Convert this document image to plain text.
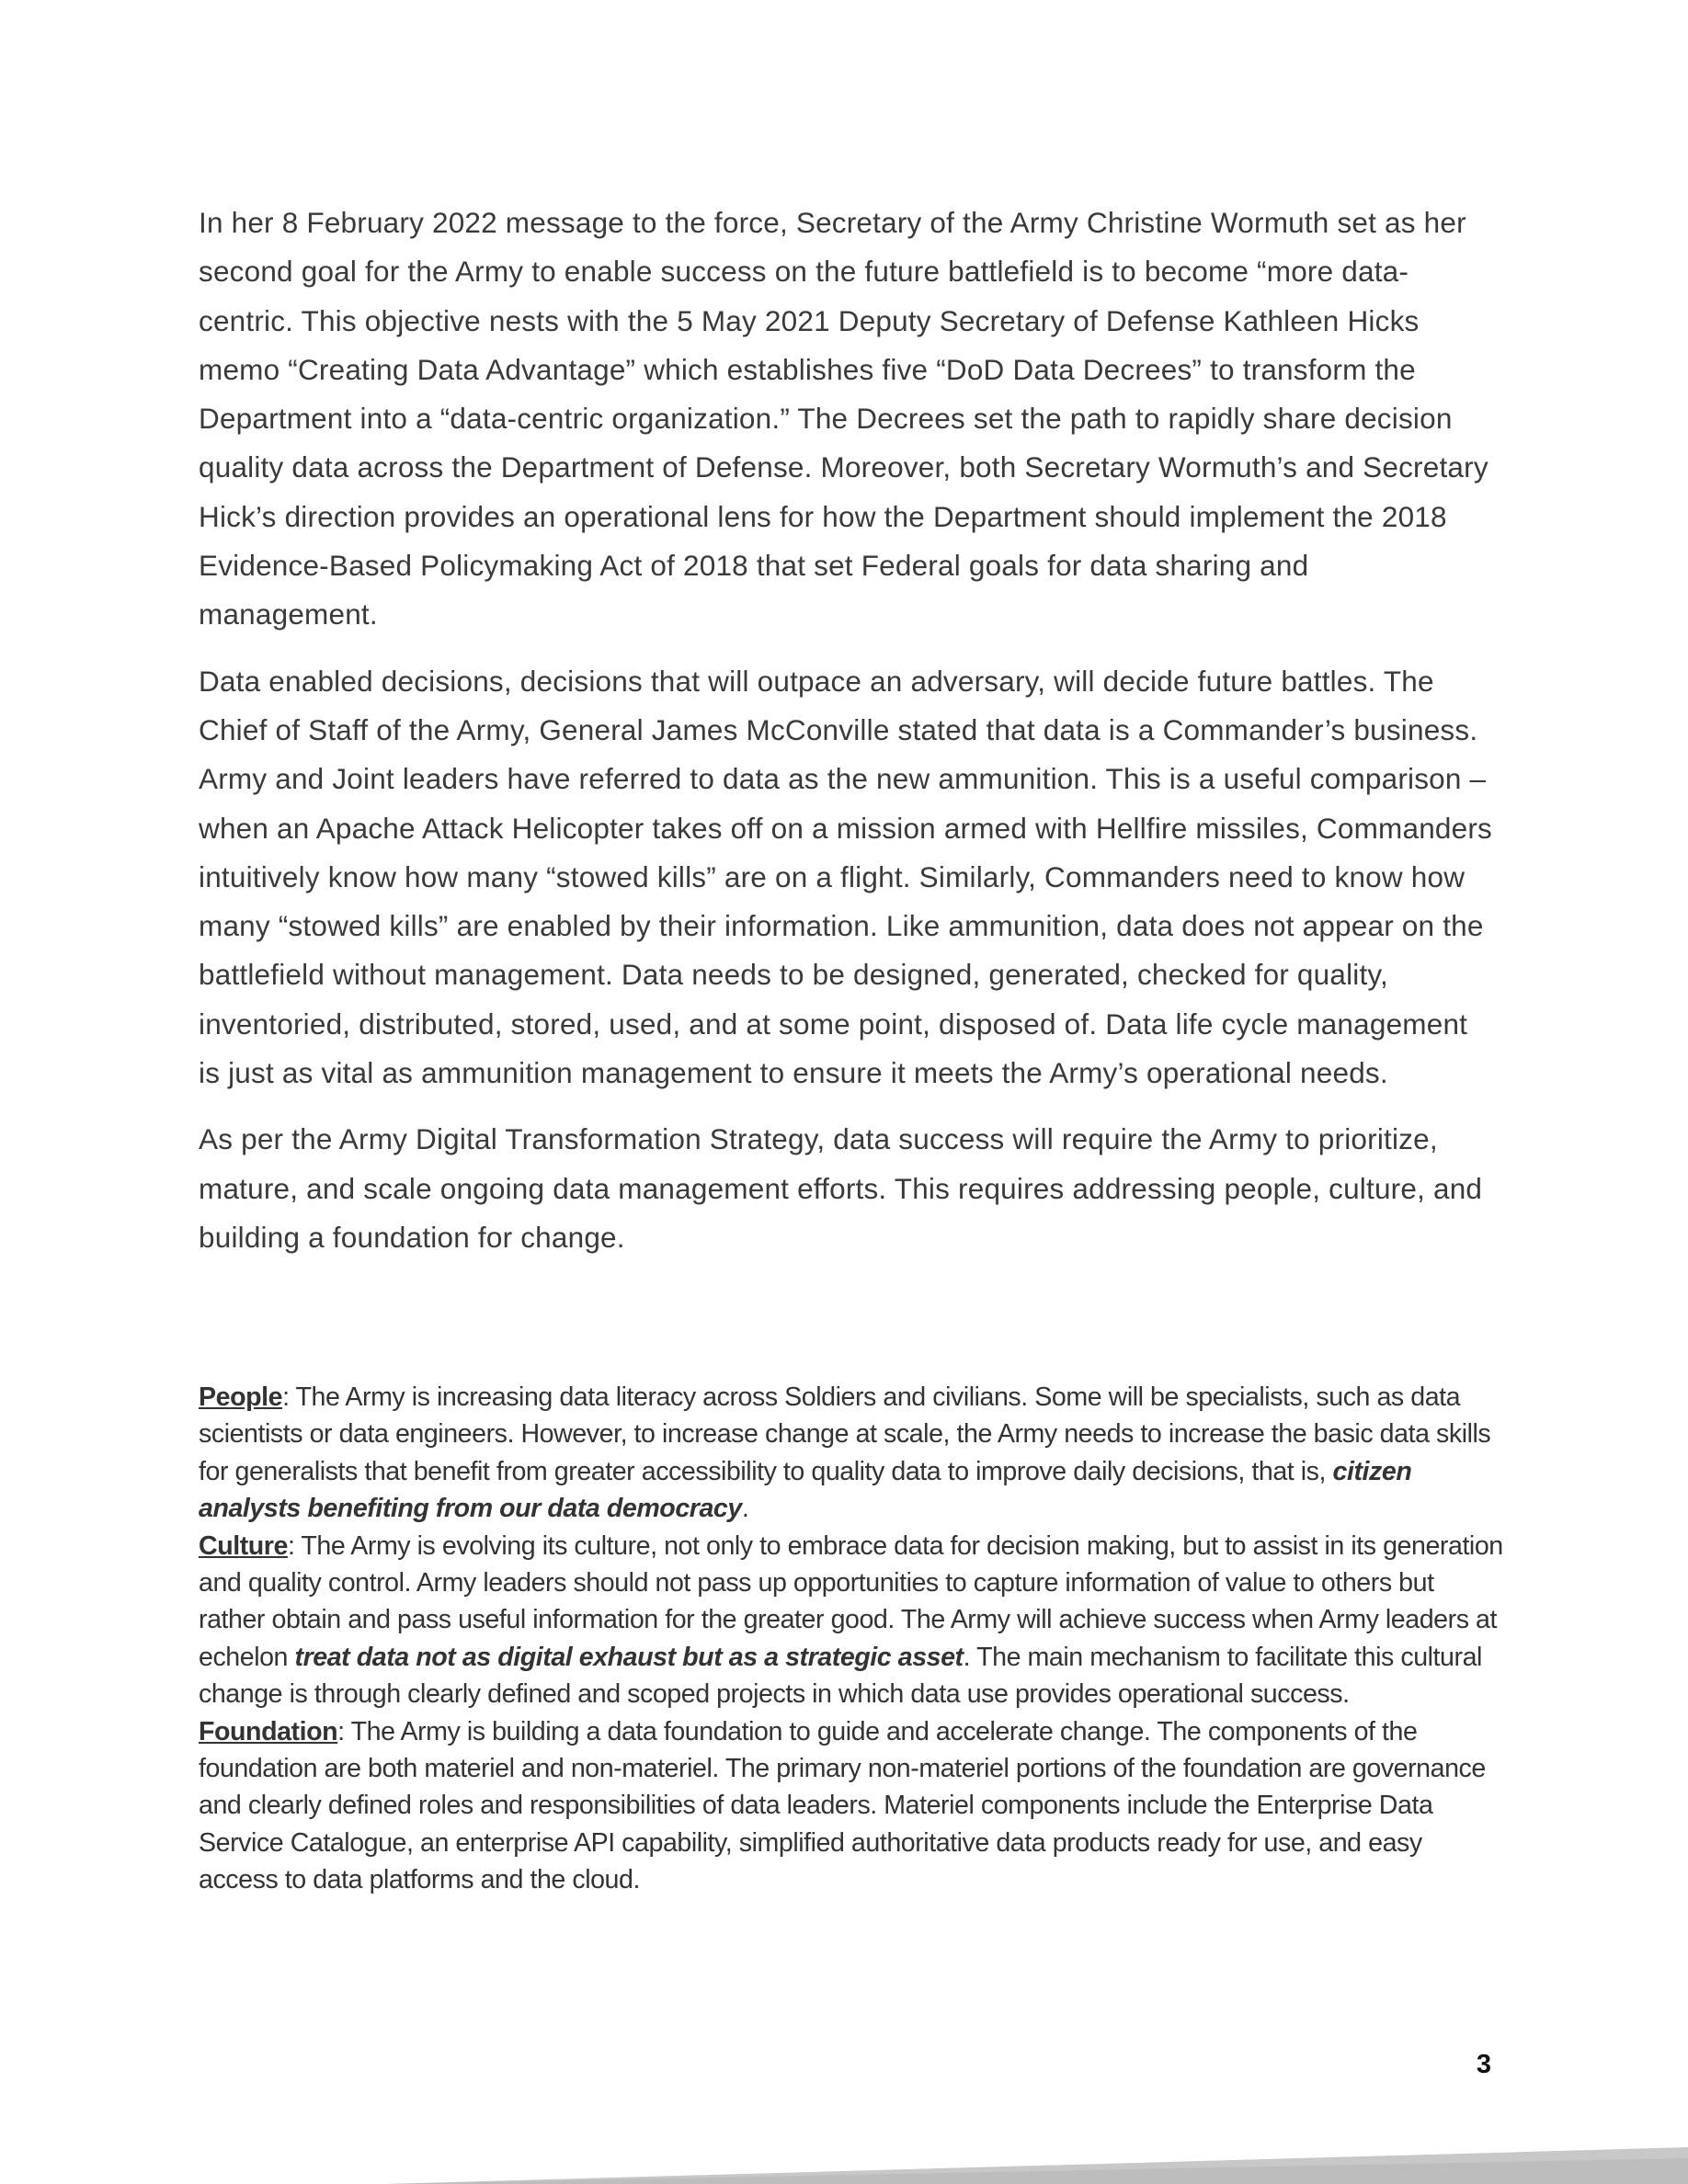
In her 8 February 2022 message to the force, Secretary of the Army Christine Wormuth set as her second goal for the Army to enable success on the future battlefield is to become “more data-centric. This objective nests with the 5 May 2021 Deputy Secretary of Defense Kathleen Hicks memo “Creating Data Advantage” which establishes five “DoD Data Decrees” to transform the Department into a “data-centric organization.” The Decrees set the path to rapidly share decision quality data across the Department of Defense. Moreover, both Secretary Wormuth’s and Secretary Hick’s direction provides an operational lens for how the Department should implement the 2018 Evidence-Based Policymaking Act of 2018 that set Federal goals for data sharing and management.

Data enabled decisions, decisions that will outpace an adversary, will decide future battles. The Chief of Staff of the Army, General James McConville stated that data is a Commander’s business. Army and Joint leaders have referred to data as the new ammunition. This is a useful comparison – when an Apache Attack Helicopter takes off on a mission armed with Hellfire missiles, Commanders intuitively know how many “stowed kills” are on a flight. Similarly, Commanders need to know how many “stowed kills” are enabled by their information. Like ammunition, data does not appear on the battlefield without management. Data needs to be designed, generated, checked for quality, inventoried, distributed, stored, used, and at some point, disposed of. Data life cycle management is just as vital as ammunition management to ensure it meets the Army’s operational needs.

As per the Army Digital Transformation Strategy, data success will require the Army to prioritize, mature, and scale ongoing data management efforts. This requires addressing people, culture, and building a foundation for change.

People: The Army is increasing data literacy across Soldiers and civilians. Some will be specialists, such as data scientists or data engineers. However, to increase change at scale, the Army needs to increase the basic data skills for generalists that benefit from greater accessibility to quality data to improve daily decisions, that is, citizen analysts benefiting from our data democracy.

Culture: The Army is evolving its culture, not only to embrace data for decision making, but to assist in its generation and quality control. Army leaders should not pass up opportunities to capture information of value to others but rather obtain and pass useful information for the greater good. The Army will achieve success when Army leaders at echelon treat data not as digital exhaust but as a strategic asset. The main mechanism to facilitate this cultural change is through clearly defined and scoped projects in which data use provides operational success.

Foundation: The Army is building a data foundation to guide and accelerate change. The components of the foundation are both materiel and non-materiel. The primary non-materiel portions of the foundation are governance and clearly defined roles and responsibilities of data leaders. Materiel components include the Enterprise Data Service Catalogue, an enterprise API capability, simplified authoritative data products ready for use, and easy access to data platforms and the cloud.

3
